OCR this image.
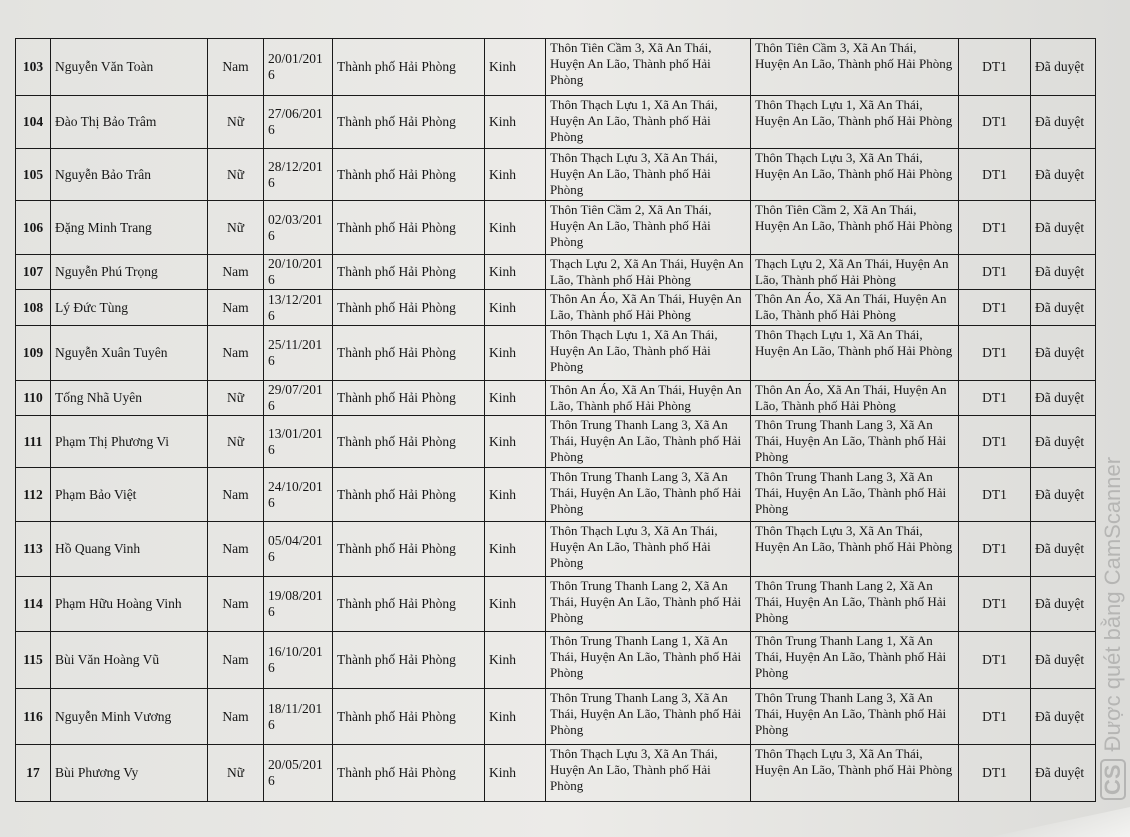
103	Nguyễn Văn Toàn	Nam	20/01/2016	Thành phố Hải Phòng	Kinh	Thôn Tiên Cầm 3, Xã An Thái, Huyện An Lão, Thành phố Hải Phòng	Thôn Tiên Cầm 3, Xã An Thái, Huyện An Lão, Thành phố Hải Phòng	DT1	Đã duyệt
104	Đào Thị Bảo Trâm	Nữ	27/06/2016	Thành phố Hải Phòng	Kinh	Thôn Thạch Lựu 1, Xã An Thái, Huyện An Lão, Thành phố Hải Phòng	Thôn Thạch Lựu 1, Xã An Thái, Huyện An Lão, Thành phố Hải Phòng	DT1	Đã duyệt
105	Nguyễn Bảo Trân	Nữ	28/12/2016	Thành phố Hải Phòng	Kinh	Thôn Thạch Lựu 3, Xã An Thái, Huyện An Lão, Thành phố Hải Phòng	Thôn Thạch Lựu 3, Xã An Thái, Huyện An Lão, Thành phố Hải Phòng	DT1	Đã duyệt
106	Đặng Minh Trang	Nữ	02/03/2016	Thành phố Hải Phòng	Kinh	Thôn Tiên Cầm 2, Xã An Thái, Huyện An Lão, Thành phố Hải Phòng	Thôn Tiên Cầm 2, Xã An Thái, Huyện An Lão, Thành phố Hải Phòng	DT1	Đã duyệt
107	Nguyễn Phú Trọng	Nam	20/10/2016	Thành phố Hải Phòng	Kinh	Thạch Lựu 2, Xã An Thái, Huyện An Lão, Thành phố Hải Phòng	Thạch Lựu 2, Xã An Thái, Huyện An Lão, Thành phố Hải Phòng	DT1	Đã duyệt
108	Lý Đức Tùng	Nam	13/12/2016	Thành phố Hải Phòng	Kinh	Thôn An Áo, Xã An Thái, Huyện An Lão, Thành phố Hải Phòng	Thôn An Áo, Xã An Thái, Huyện An Lão, Thành phố Hải Phòng	DT1	Đã duyệt
109	Nguyễn Xuân Tuyên	Nam	25/11/2016	Thành phố Hải Phòng	Kinh	Thôn Thạch Lựu 1, Xã An Thái, Huyện An Lão, Thành phố Hải Phòng	Thôn Thạch Lựu 1, Xã An Thái, Huyện An Lão, Thành phố Hải Phòng	DT1	Đã duyệt
110	Tống Nhã Uyên	Nữ	29/07/2016	Thành phố Hải Phòng	Kinh	Thôn An Áo, Xã An Thái, Huyện An Lão, Thành phố Hải Phòng	Thôn An Áo, Xã An Thái, Huyện An Lão, Thành phố Hải Phòng	DT1	Đã duyệt
111	Phạm Thị Phương Vi	Nữ	13/01/2016	Thành phố Hải Phòng	Kinh	Thôn Trung Thanh Lang 3, Xã An Thái, Huyện An Lão, Thành phố Hải Phòng	Thôn Trung Thanh Lang 3, Xã An Thái, Huyện An Lão, Thành phố Hải Phòng	DT1	Đã duyệt
112	Phạm Bảo Việt	Nam	24/10/2016	Thành phố Hải Phòng	Kinh	Thôn Trung Thanh Lang 3, Xã An Thái, Huyện An Lão, Thành phố Hải Phòng	Thôn Trung Thanh Lang 3, Xã An Thái, Huyện An Lão, Thành phố Hải Phòng	DT1	Đã duyệt
113	Hồ Quang Vinh	Nam	05/04/2016	Thành phố Hải Phòng	Kinh	Thôn Thạch Lựu 3, Xã An Thái, Huyện An Lão, Thành phố Hải Phòng	Thôn Thạch Lựu 3, Xã An Thái, Huyện An Lão, Thành phố Hải Phòng	DT1	Đã duyệt
114	Phạm Hữu Hoàng Vinh	Nam	19/08/2016	Thành phố Hải Phòng	Kinh	Thôn Trung Thanh Lang 2, Xã An Thái, Huyện An Lão, Thành phố Hải Phòng	Thôn Trung Thanh Lang 2, Xã An Thái, Huyện An Lão, Thành phố Hải Phòng	DT1	Đã duyệt
115	Bùi Văn Hoàng Vũ	Nam	16/10/2016	Thành phố Hải Phòng	Kinh	Thôn Trung Thanh Lang 1, Xã An Thái, Huyện An Lão, Thành phố Hải Phòng	Thôn Trung Thanh Lang 1, Xã An Thái, Huyện An Lão, Thành phố Hải Phòng	DT1	Đã duyệt
116	Nguyễn Minh Vương	Nam	18/11/2016	Thành phố Hải Phòng	Kinh	Thôn Trung Thanh Lang 3, Xã An Thái, Huyện An Lão, Thành phố Hải Phòng	Thôn Trung Thanh Lang 3, Xã An Thái, Huyện An Lão, Thành phố Hải Phòng	DT1	Đã duyệt
17	Bùi Phương Vy	Nữ	20/05/2016	Thành phố Hải Phòng	Kinh	Thôn Thạch Lựu 3, Xã An Thái, Huyện An Lão, Thành phố Hải Phòng	Thôn Thạch Lựu 3, Xã An Thái, Huyện An Lão, Thành phố Hải Phòng	DT1	Đã duyệt CSĐược quét bằng CamScanner
